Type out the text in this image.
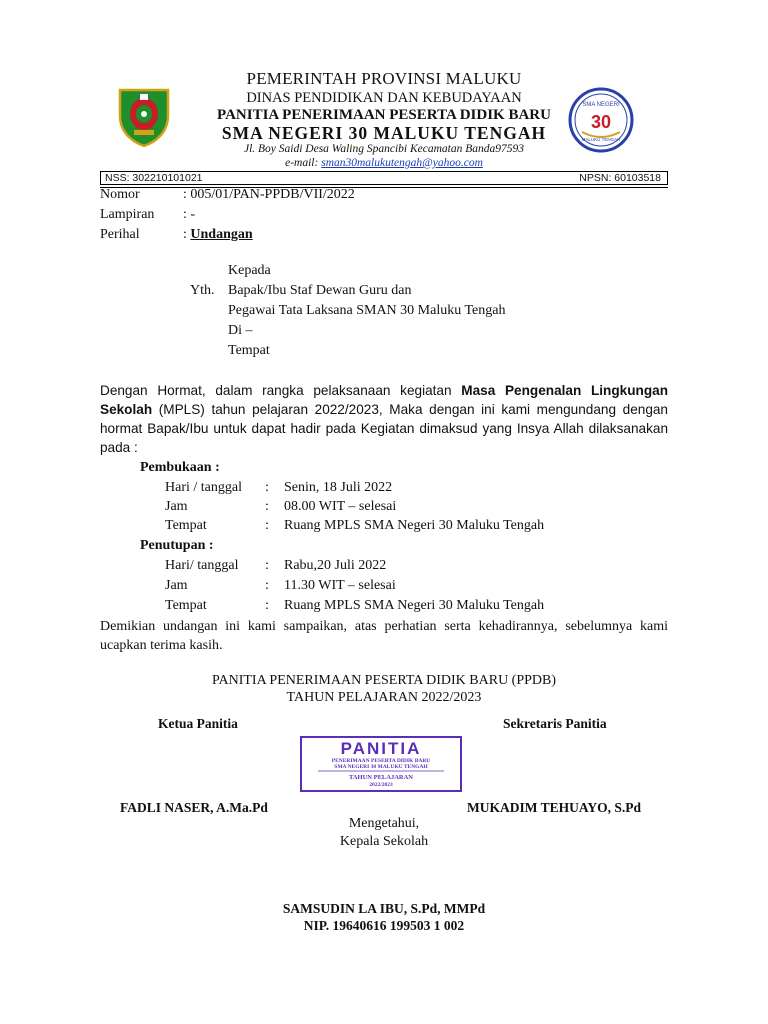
SMA NEGERI
30
MALUKU TENGAH
PEMERINTAH PROVINSI MALUKU
DINAS PENDIDIKAN DAN KEBUDAYAAN
PANITIA PENERIMAAN PESERTA DIDIK BARU
SMA NEGERI 30 MALUKU TENGAH
Jl. Boy Saidi Desa Waling Spancibi Kecamatan Banda97593
e-mail: sman30malukutengah@yahoo.com
NSS: 302210101021	NPSN: 60103518
Nomor	: 005/01/PAN-PPDB/VII/2022
Lampiran : -
Perihal	: Undangan
Kepada
Yth. Bapak/Ibu Staf Dewan Guru dan
Pegawai Tata Laksana SMAN 30 Maluku Tengah
Di –
Tempat
Dengan Hormat, dalam rangka pelaksanaan kegiatan Masa Pengenalan Lingkungan Sekolah (MPLS) tahun pelajaran 2022/2023, Maka dengan ini kami mengundang dengan hormat Bapak/Ibu untuk dapat hadir pada Kegiatan dimaksud yang Insya Allah dilaksanakan pada :
Pembukaan :
Hari / tanggal : Senin, 18 Juli 2022
Jam	: 08.00 WIT – selesai
Tempat	: Ruang MPLS SMA Negeri 30 Maluku Tengah
Penutupan :
Hari/ tanggal : Rabu,20 Juli 2022
Jam	: 11.30 WIT – selesai
Tempat	: Ruang MPLS SMA Negeri 30 Maluku Tengah
Demikian undangan ini kami sampaikan, atas perhatian serta kehadirannya, sebelumnya kami ucapkan terima kasih.
PANITIA PENERIMAAN PESERTA DIDIK BARU (PPDB)
TAHUN PELAJARAN 2022/2023
Ketua Panitia	Sekretaris Panitia
PANITIA
PENERIMAAN PESERTA DIDIK BARU
SMA NEGERI 30 MALUKU TENGAH
TAHUN PELAJARAN
2022/2023
FADLI NASER, A.Ma.Pd	MUKADIM TEHUAYO, S.Pd
Mengetahui,
Kepala Sekolah
SAMSUDIN LA IBU, S.Pd, MMPd
NIP. 19640616 199503 1 002
